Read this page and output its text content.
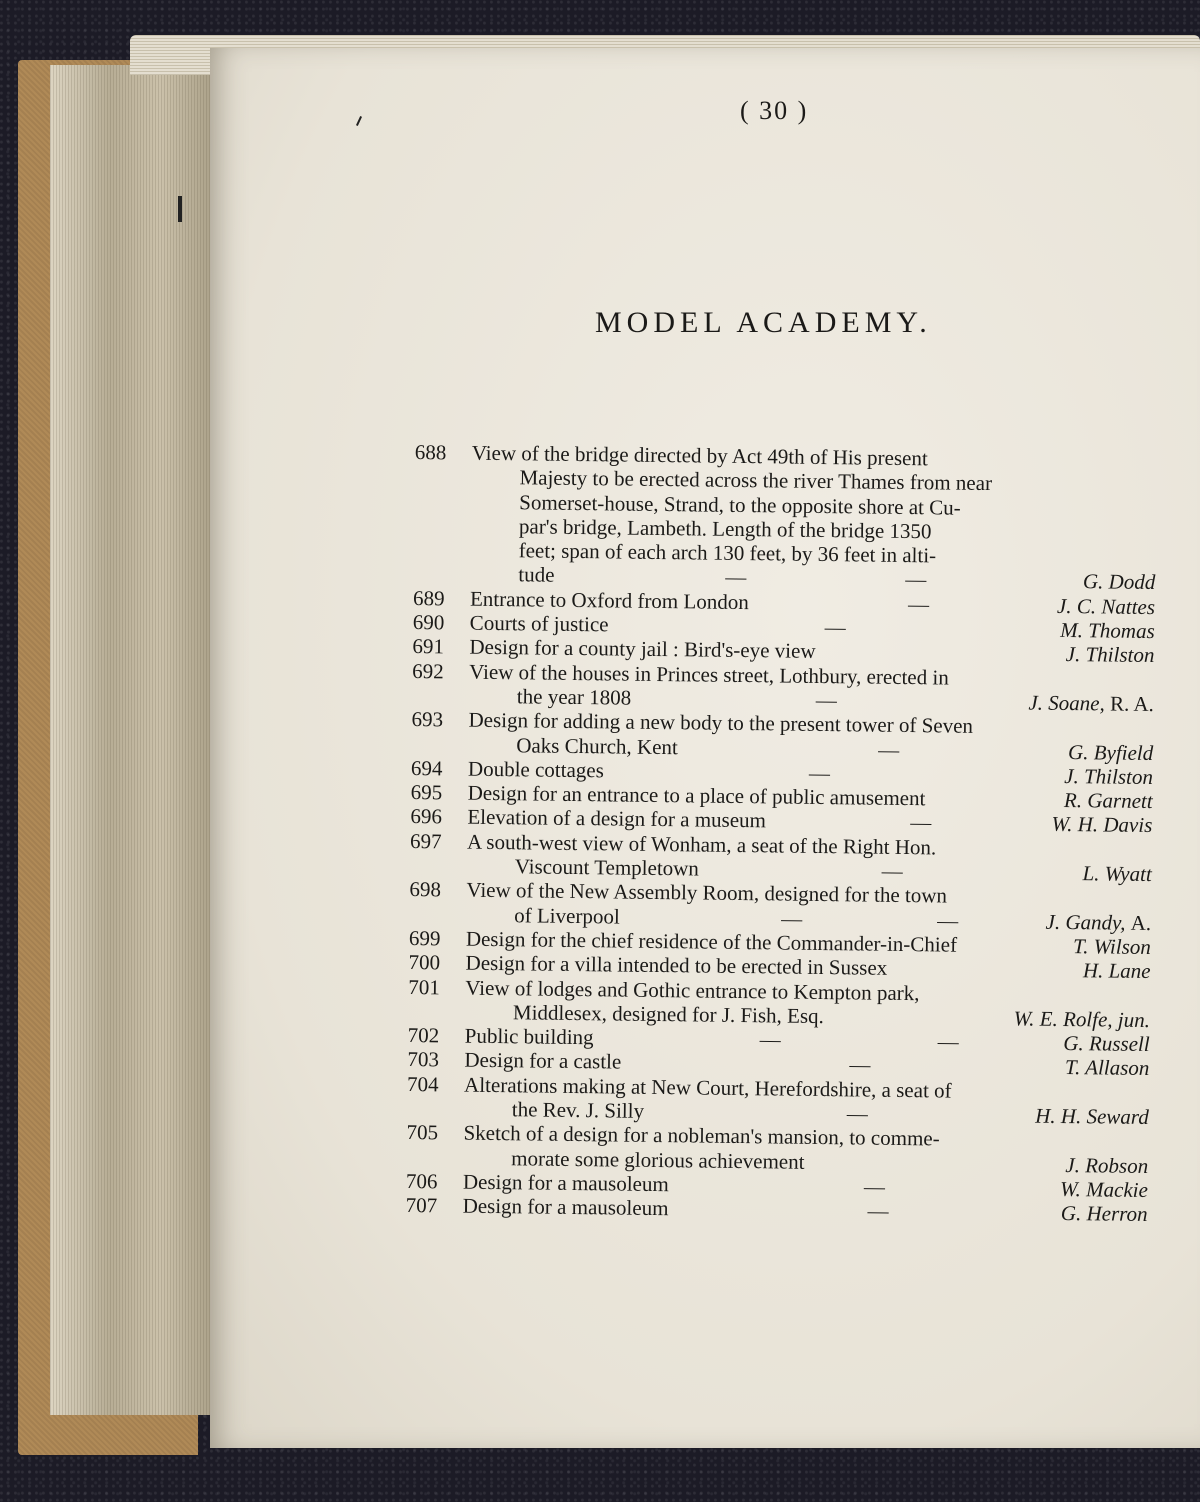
( 30 )
MODEL ACADEMY.
688	View of the bridge directed by Act 49th of His present
Majesty to be erected across the river Thames from near
Somerset-house, Strand, to the opposite shore at Cu-
par's bridge, Lambeth. Length of the bridge 1350
feet; span of each arch 130 feet, by 36 feet in alti-
tude	—	—	G. Dodd
689	Entrance to Oxford from London	—	J. C. Nattes
690	Courts of justice	—	M. Thomas
691	Design for a county jail : Bird's-eye view	J. Thilston
692	View of the houses in Princes street, Lothbury, erected in
the year 1808	—	J. Soane, R. A.
693	Design for adding a new body to the present tower of Seven
Oaks Church, Kent	—	G. Byfield
694	Double cottages	—	J. Thilston
695	Design for an entrance to a place of public amusement	R. Garnett
696	Elevation of a design for a museum	—	W. H. Davis
697	A south-west view of Wonham, a seat of the Right Hon.
Viscount Templetown	—	L. Wyatt
698	View of the New Assembly Room, designed for the town
of Liverpool	—	—	J. Gandy, A.
699	Design for the chief residence of the Commander-in-Chief	T. Wilson
700	Design for a villa intended to be erected in Sussex	H. Lane
701	View of lodges and Gothic entrance to Kempton park,
Middlesex, designed for J. Fish, Esq.	W. E. Rolfe, jun.
702	Public building	—	—	G. Russell
703	Design for a castle	—	T. Allason
704	Alterations making at New Court, Herefordshire, a seat of
the Rev. J. Silly	—	H. H. Seward
705	Sketch of a design for a nobleman's mansion, to comme-
morate some glorious achievement	J. Robson
706	Design for a mausoleum	—	W. Mackie
707	Design for a mausoleum	—	G. Herron
